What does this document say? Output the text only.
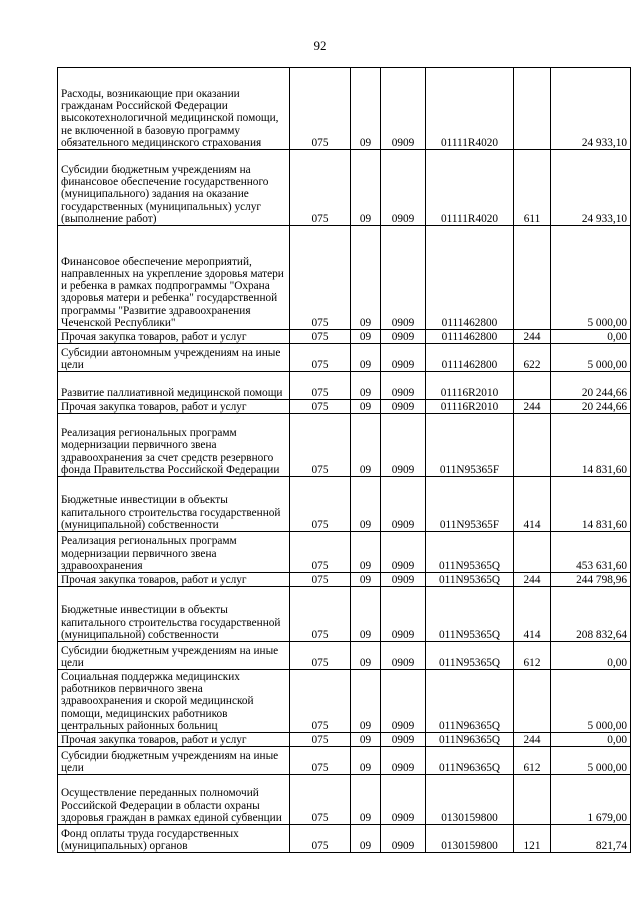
92
Расходы, возникающие при оказании гражданам Российской Федерации высокотехнологичной медицинской помощи, не включенной в базовую программу обязательного медицинского страхования	075	09	0909	01111R4020		24 933,10
Субсидии бюджетным учреждениям на финансовое обеспечение государственного (муниципального) задания на оказание государственных (муниципальных) услуг (выполнение работ)	075	09	0909	01111R4020	611	24 933,10
Финансовое обеспечение мероприятий, направленных на укрепление здоровья матери и ребенка в рамках подпрограммы "Охрана здоровья матери и ребенка" государственной программы "Развитие здравоохранения Чеченской Республики"	075	09	0909	0111462800		5 000,00
Прочая закупка товаров, работ и услуг	075	09	0909	0111462800	244	0,00
Субсидии автономным учреждениям на иные цели	075	09	0909	0111462800	622	5 000,00
Развитие паллиативной медицинской помощи	075	09	0909	01116R2010		20 244,66
Прочая закупка товаров, работ и услуг	075	09	0909	01116R2010	244	20 244,66
Реализация региональных программ модернизации первичного звена здравоохранения за счет средств резервного фонда Правительства Российской Федерации	075	09	0909	011N95365F		14 831,60
Бюджетные инвестиции в объекты капитального строительства государственной (муниципальной) собственности	075	09	0909	011N95365F	414	14 831,60
Реализация региональных программ модернизации первичного звена здравоохранения	075	09	0909	011N95365Q		453 631,60
Прочая закупка товаров, работ и услуг	075	09	0909	011N95365Q	244	244 798,96
Бюджетные инвестиции в объекты капитального строительства государственной (муниципальной) собственности	075	09	0909	011N95365Q	414	208 832,64
Субсидии бюджетным учреждениям на иные цели	075	09	0909	011N95365Q	612	0,00
Социальная поддержка медицинских работников первичного звена здравоохранения и скорой медицинской помощи, медицинских работников центральных районных больниц	075	09	0909	011N96365Q		5 000,00
Прочая закупка товаров, работ и услуг	075	09	0909	011N96365Q	244	0,00
Субсидии бюджетным учреждениям на иные цели	075	09	0909	011N96365Q	612	5 000,00
Осуществление переданных полномочий Российской Федерации в области охраны здоровья граждан в рамках единой субвенции	075	09	0909	0130159800		1 679,00
Фонд оплаты труда государственных (муниципальных) органов	075	09	0909	0130159800	121	821,74
